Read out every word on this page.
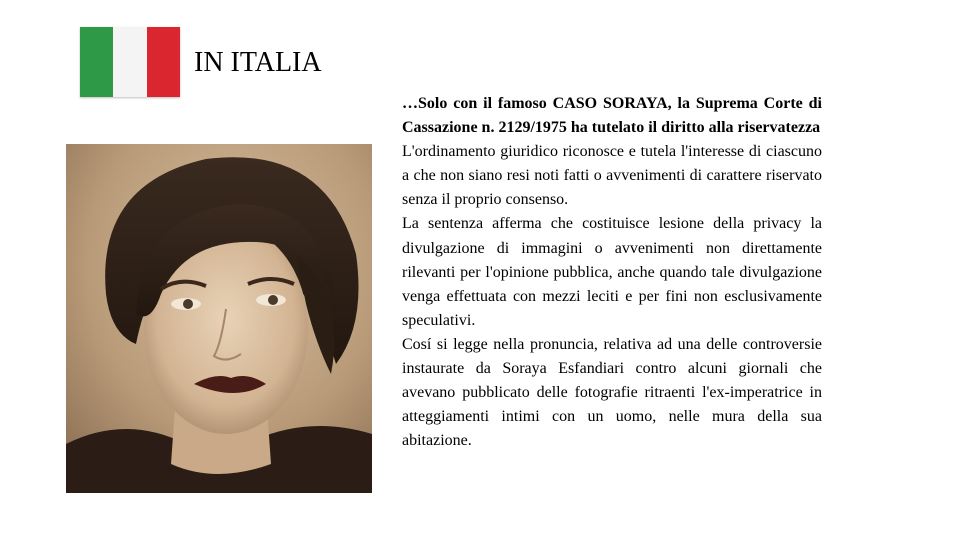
IN ITALIA

…Solo con il famoso CASO SORAYA, la Suprema Corte di Cassazione n. 2129/1975 ha tutelato il diritto alla riservatezza

L'ordinamento giuridico riconosce e tutela l'interesse di ciascuno a che non siano resi noti fatti o avvenimenti di carattere riservato senza il proprio consenso.

La sentenza afferma che costituisce lesione della privacy la divulgazione di immagini o avvenimenti non direttamente rilevanti per l'opinione pubblica, anche quando tale divulgazione venga effettuata con mezzi leciti e per fini non esclusivamente speculativi.

Cosí si legge nella pronuncia, relativa ad una delle controversie instaurate da Soraya Esfandiari contro alcuni giornali che avevano pubblicato delle fotografie ritraenti l'ex-imperatrice in atteggiamenti intimi con un uomo, nelle mura della sua abitazione.
